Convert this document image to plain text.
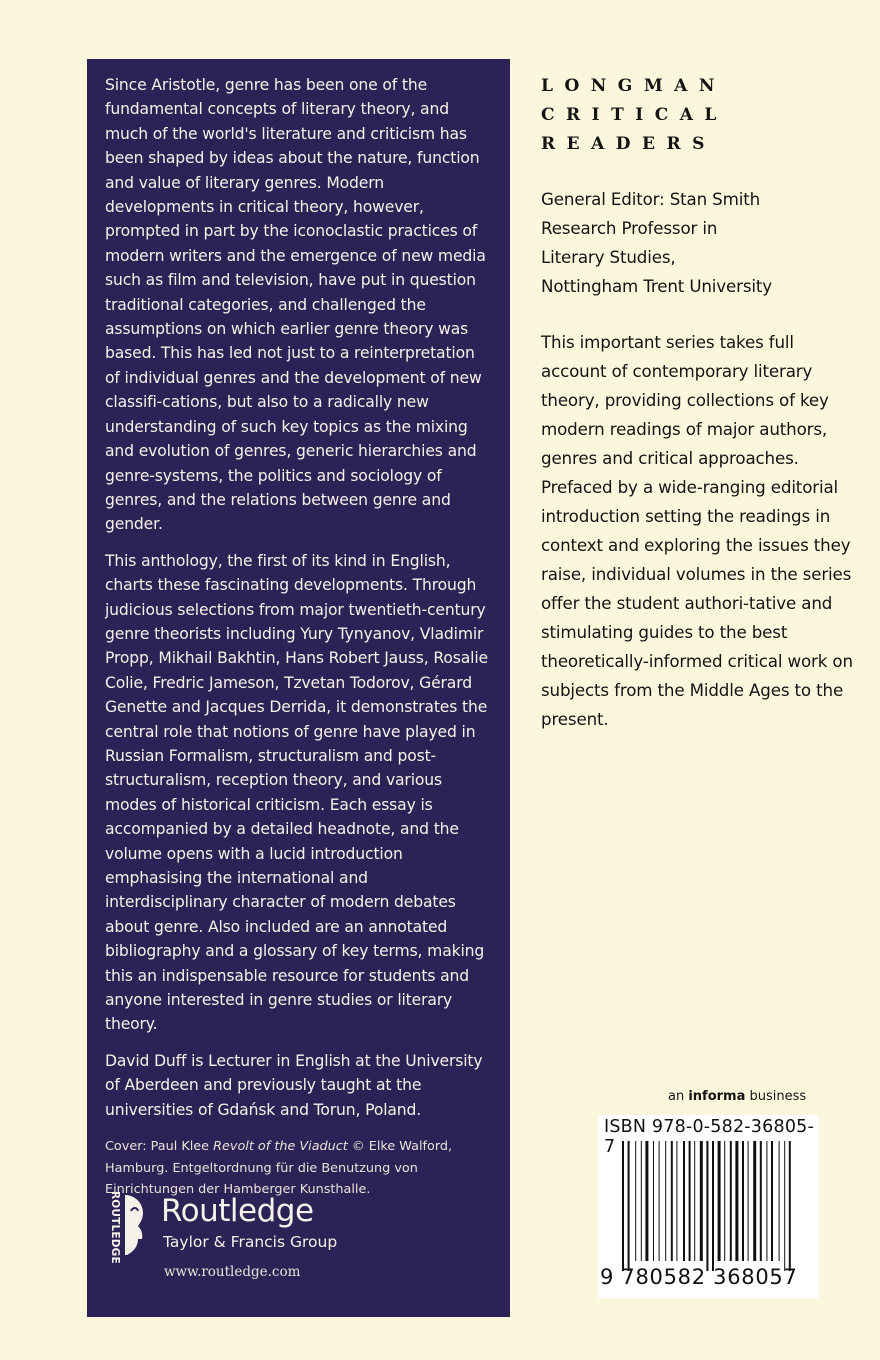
Since Aristotle, genre has been one of the fundamental concepts of literary theory, and much of the world's literature and criticism has been shaped by ideas about the nature, function and value of literary genres. Modern developments in critical theory, however, prompted in part by the iconoclastic practices of modern writers and the emergence of new media such as film and television, have put in question traditional categories, and challenged the assumptions on which earlier genre theory was based. This has led not just to a reinterpretation of individual genres and the development of new classifi-cations, but also to a radically new understanding of such key topics as the mixing and evolution of genres, generic hierarchies and genre-systems, the politics and sociology of genres, and the relations between genre and gender.

This anthology, the first of its kind in English, charts these fascinating developments. Through judicious selections from major twentieth-century genre theorists including Yury Tynyanov, Vladimir Propp, Mikhail Bakhtin, Hans Robert Jauss, Rosalie Colie, Fredric Jameson, Tzvetan Todorov, Gérard Genette and Jacques Derrida, it demonstrates the central role that notions of genre have played in Russian Formalism, structuralism and post-structuralism, reception theory, and various modes of historical criticism. Each essay is accompanied by a detailed headnote, and the volume opens with a lucid introduction emphasising the international and interdisciplinary character of modern debates about genre. Also included are an annotated bibliography and a glossary of key terms, making this an indispensable resource for students and anyone interested in genre studies or literary theory.

David Duff is Lecturer in English at the University of Aberdeen and previously taught at the universities of Gdańsk and Torun, Poland.

Cover: Paul Klee Revolt of the Viaduct © Elke Walford, Hamburg. Entgeltordnung für die Benutzung von Einrichtungen der Hamberger Kunsthalle.
ROUTLEDGE Routledge
Taylor & Francis Group
www.routledge.com
LONGMAN
CRITICAL
READERS
General Editor: Stan Smith
Research Professor in
Literary Studies,
Nottingham Trent University
This important series takes full account of contemporary literary theory, providing collections of key modern readings of major authors, genres and critical approaches. Prefaced by a wide-ranging editorial introduction setting the readings in context and exploring the issues they raise, individual volumes in the series offer the student authori-tative and stimulating guides to the best theoretically-informed critical work on subjects from the Middle Ages to the present.
an informa business
ISBN 978-0-582-36805-7
9 780582 368057
